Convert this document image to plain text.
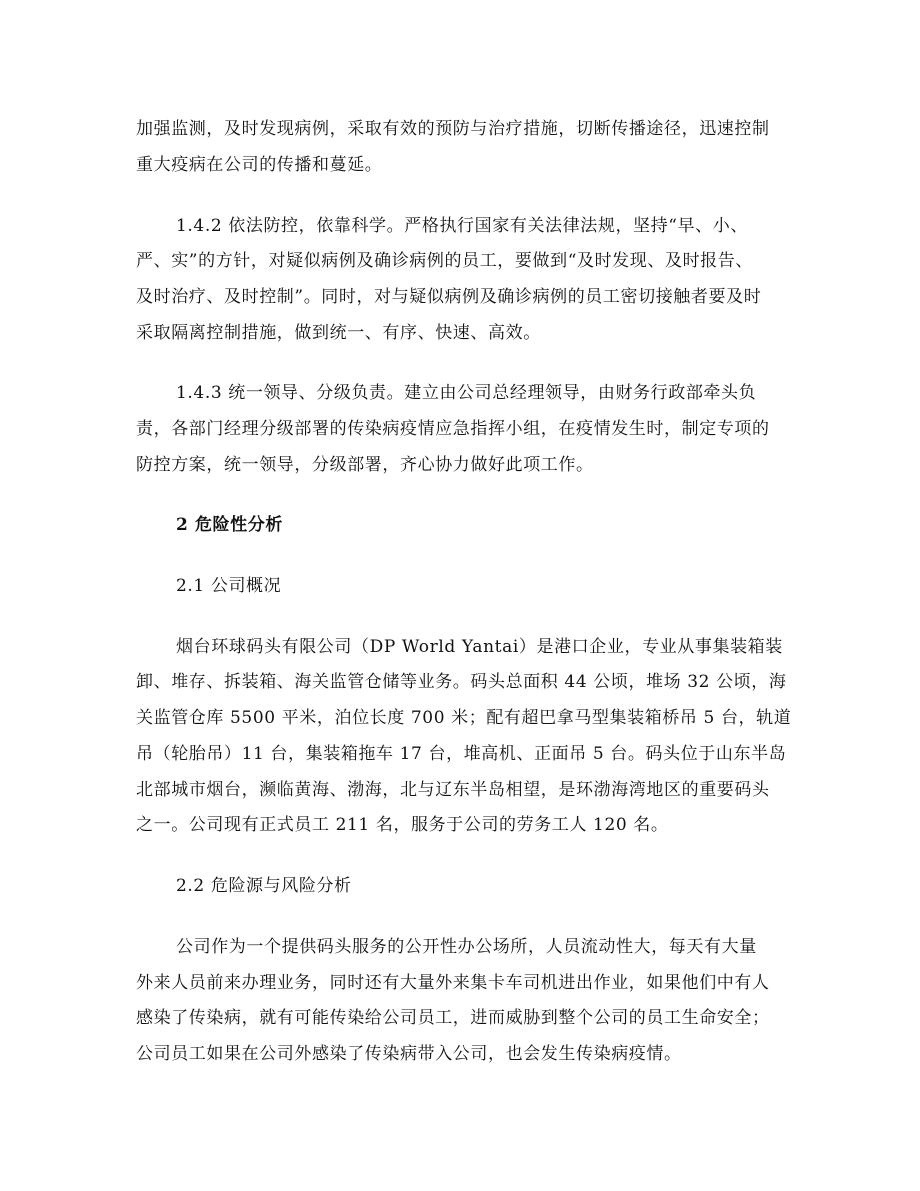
加强监测，及时发现病例，采取有效的预防与治疗措施，切断传播途径，迅速控制
重大疫病在公司的传播和蔓延。
1.4.2 依法防控，依靠科学。严格执行国家有关法律法规，坚持“早、小、
严、实”的方针，对疑似病例及确诊病例的员工，要做到“及时发现、及时报告、
及时治疗、及时控制”。同时，对与疑似病例及确诊病例的员工密切接触者要及时
采取隔离控制措施，做到统一、有序、快速、高效。
1.4.3 统一领导、分级负责。建立由公司总经理领导，由财务行政部牵头负
责，各部门经理分级部署的传染病疫情应急指挥小组，在疫情发生时，制定专项的
防控方案，统一领导，分级部署，齐心协力做好此项工作。
2 危险性分析
2.1 公司概况
烟台环球码头有限公司（DP World Yantai）是港口企业，专业从事集装箱装
卸、堆存、拆装箱、海关监管仓储等业务。码头总面积 44 公顷，堆场 32 公顷，海
关监管仓库 5500 平米，泊位长度 700 米；配有超巴拿马型集装箱桥吊 5 台，轨道
吊（轮胎吊）11 台，集装箱拖车 17 台，堆高机、正面吊 5 台。码头位于山东半岛
北部城市烟台，濒临黄海、渤海，北与辽东半岛相望，是环渤海湾地区的重要码头
之一。公司现有正式员工 211 名，服务于公司的劳务工人 120 名。
2.2 危险源与风险分析
公司作为一个提供码头服务的公开性办公场所，人员流动性大，每天有大量
外来人员前来办理业务，同时还有大量外来集卡车司机进出作业，如果他们中有人
感染了传染病，就有可能传染给公司员工，进而威胁到整个公司的员工生命安全；
公司员工如果在公司外感染了传染病带入公司，也会发生传染病疫情。
